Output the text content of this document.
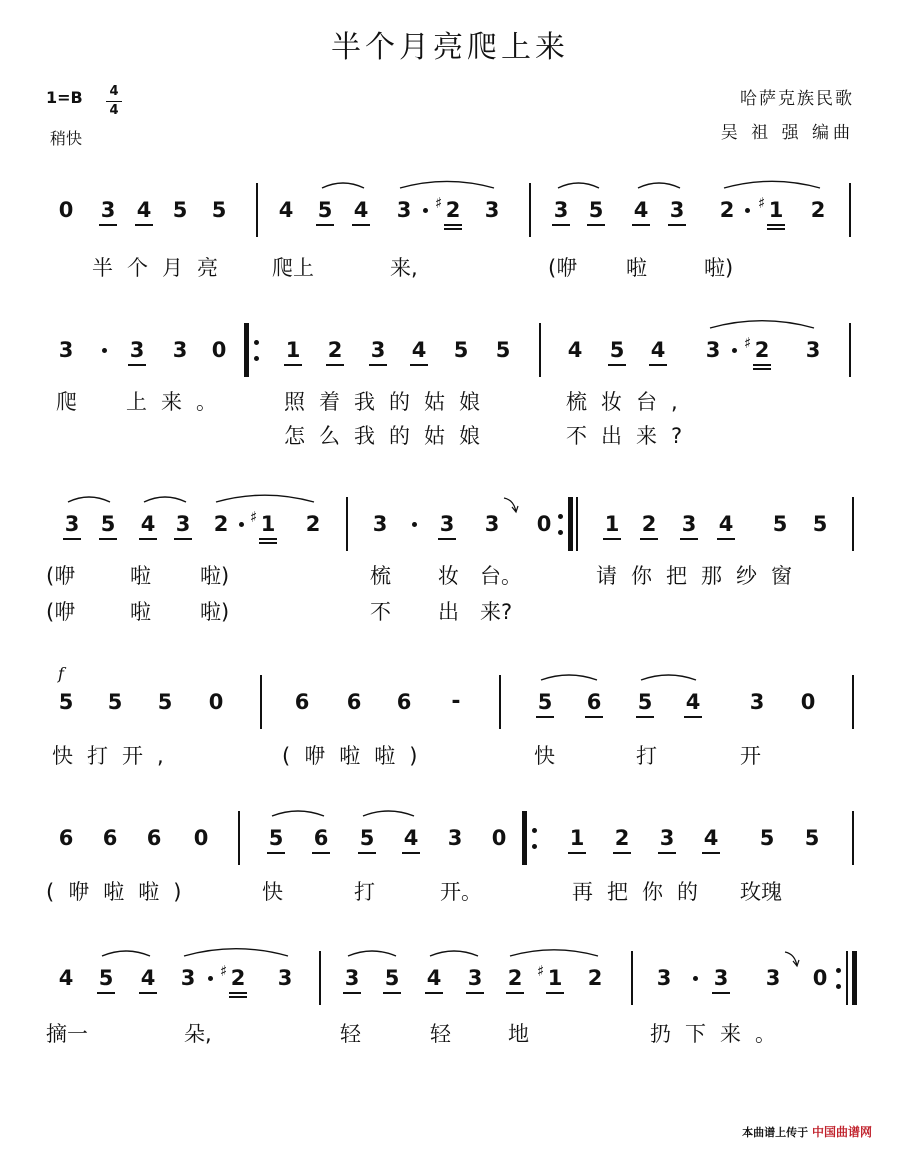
半个月亮爬上来
1=B 4
4
稍快
哈萨克族民歌
吴 祖 强 编曲
f
0 3 4 5 5 4 5 4 3 2
♯ 3	3 5 4 3 2 1
♯ 2
半个月亮 爬上	来,	(咿 啦	啦)
3	3 3 0	1 2 3 4 5 5	4 5 4 3 2
♯	3
爬 上来。	照着我的姑娘	梳妆台,
怎么我的姑娘	不出来?
3 5 4 3 2 1
♯ 2 3 3 3 0	1 2 3 4 5 5
(咿	啦 啦)	梳 妆 台。	请你把那纱窗
(咿	啦 啦)	不 出 来?
5 5 5 0	6 6 6 -	5 6 5 4 3 0
快打开,	(咿啦啦)	快	打	开
6 6 6 0	5 6 5 4 3 0	1 2 3 4 5 5
(咿啦啦)	快	打	开。	再把你的 玫瑰
4 5 4 3 2
♯ 3 3 5 4 3 2 1
♯ 2	3 3 3 0
摘一	朵,	轻	轻	地	扔下来。
本曲谱上传于 中国曲谱网
